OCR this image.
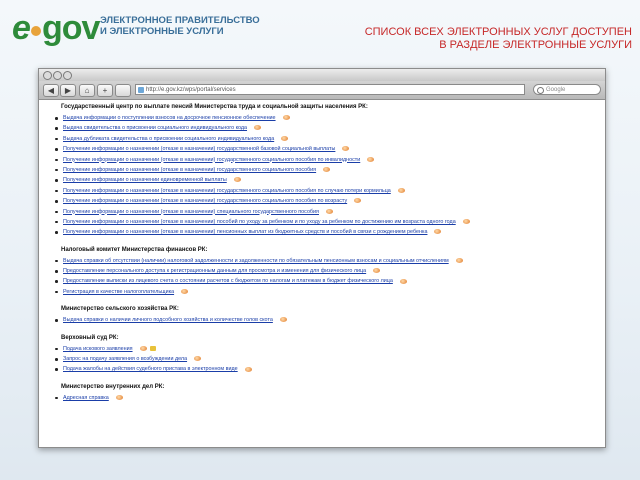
e gov ЭЛЕКТРОННОЕ ПРАВИТЕЛЬСТВО
И ЭЛЕКТРОННЫЕ УСЛУГИ	СПИСОК ВСЕХ ЭЛЕКТРОННЫХ УСЛУГ ДОСТУПЕН
В РАЗДЕЛЕ ЭЛЕКТРОННЫЕ УСЛУГИ
◀	▶	⌂	+	http://e.gov.kz/wps/portal/services	Google
Государственный центр по выплате пенсий Министерства труда и социальной защиты населения РК:
Выдача информации о поступлении взносов на досрочное пенсионное обеспечение
Выдача свидетельства о присвоении социального индивидуального кода
Выдача дубликата свидетельства о присвоении социального индивидуального кода
Получение информации о назначении (отказе в назначении) государственной базовой социальной выплаты
Получение информации о назначении (отказе в назначении) государственного социального пособия по инвалидности
Получение информации о назначении (отказе в назначении) государственного социального пособия
Получение информации о назначении единовременной выплаты
Получение информации о назначении (отказе в назначении) государственного социального пособия по случаю потери кормильца
Получение информации о назначении (отказе в назначении) государственного социального пособия по возрасту
Получение информации о назначении (отказе в назначении) специального государственного пособия
Получение информации о назначении (отказе в назначении) пособий по уходу за ребенком и по уходу за ребенком по достижению им возраста одного года
Получение информации о назначении (отказе в назначении) пенсионных выплат из бюджетных средств и пособий в связи с рождением ребенка
Налоговый комитет Министерства финансов РК:
Выдача справки об отсутствии (наличии) налоговой задолженности и задолженности по обязательным пенсионным взносам и социальным отчислениям
Предоставление персонального доступа к регистрационным данным для просмотра и изменения для физического лица
Предоставление выписки из лицевого счета о состоянии расчетов с бюджетом по налогам и платежам в бюджет физического лица
Регистрация в качестве налогоплательщика
Министерство сельского хозяйства РК:
Выдача справки о наличии личного подсобного хозяйства и количестве голов скота
Верховный суд РК:
Подача искового заявления
Запрос на подачу заявления о возбуждении дела
Подача жалобы на действия судебного пристава в электронном виде
Министерство внутренних дел РК:
Адресная справка
